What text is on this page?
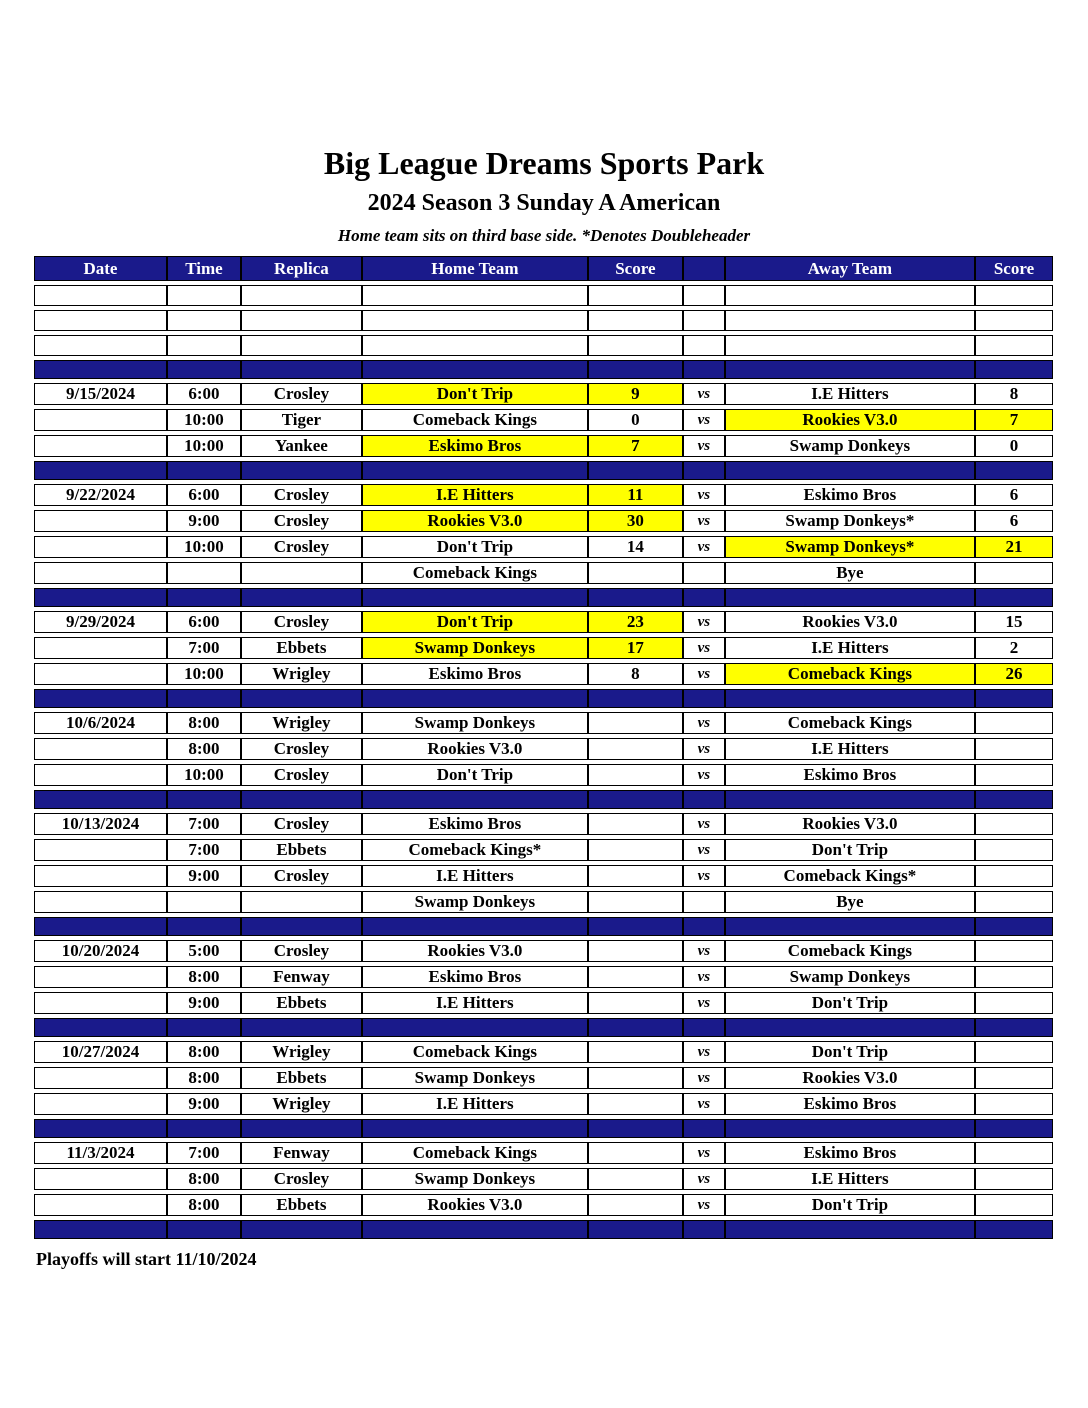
Big League Dreams Sports Park
2024 Season 3 Sunday A American
Home team sits on third base side. *Denotes Doubleheader
Date	Time	Replica	Home Team	Score		Away Team	Score

9/15/2024	6:00	Crosley	Don't Trip	9	vs	I.E Hitters	8
	10:00	Tiger	Comeback Kings	0	vs	Rookies V3.0	7
	10:00	Yankee	Eskimo Bros	7	vs	Swamp Donkeys	0

9/22/2024	6:00	Crosley	I.E Hitters	11	vs	Eskimo Bros	6
	9:00	Crosley	Rookies V3.0	30	vs	Swamp Donkeys*	6
	10:00	Crosley	Don't Trip	14	vs	Swamp Donkeys*	21
			Comeback Kings			Bye	

9/29/2024	6:00	Crosley	Don't Trip	23	vs	Rookies V3.0	15
	7:00	Ebbets	Swamp Donkeys	17	vs	I.E Hitters	2
	10:00	Wrigley	Eskimo Bros	8	vs	Comeback Kings	26

10/6/2024	8:00	Wrigley	Swamp Donkeys		vs	Comeback Kings	
	8:00	Crosley	Rookies V3.0		vs	I.E Hitters	
	10:00	Crosley	Don't Trip		vs	Eskimo Bros	

10/13/2024	7:00	Crosley	Eskimo Bros		vs	Rookies V3.0	
	7:00	Ebbets	Comeback Kings*		vs	Don't Trip	
	9:00	Crosley	I.E Hitters		vs	Comeback Kings*	
			Swamp Donkeys			Bye	

10/20/2024	5:00	Crosley	Rookies V3.0		vs	Comeback Kings	
	8:00	Fenway	Eskimo Bros		vs	Swamp Donkeys	
	9:00	Ebbets	I.E Hitters		vs	Don't Trip	

10/27/2024	8:00	Wrigley	Comeback Kings		vs	Don't Trip	
	8:00	Ebbets	Swamp Donkeys		vs	Rookies V3.0	
	9:00	Wrigley	I.E Hitters		vs	Eskimo Bros	

11/3/2024	7:00	Fenway	Comeback Kings		vs	Eskimo Bros	
	8:00	Crosley	Swamp Donkeys		vs	I.E Hitters	
	8:00	Ebbets	Rookies V3.0		vs	Don't Trip	

Playoffs will start 11/10/2024
